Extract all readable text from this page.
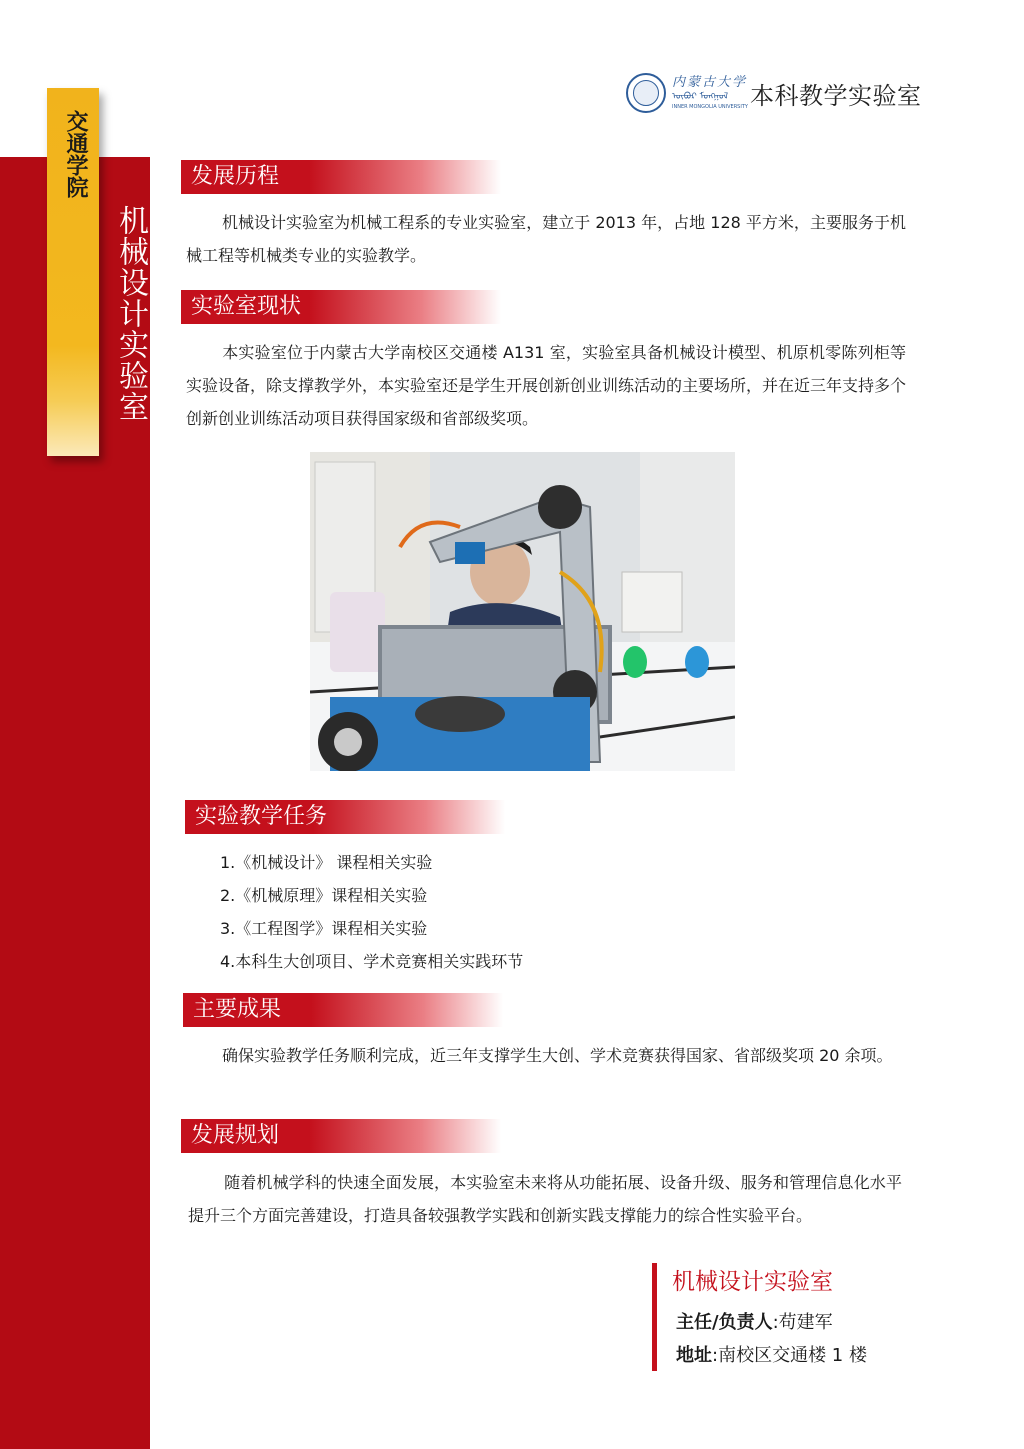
交通学院
机械设计实验室
内蒙古大学
ᠦᠪᠦᠷ ᠮᠣᠩᠭᠣᠯ
INNER MONGOLIA UNIVERSITY 本科教学实验室
发展历程
机械设计实验室为机械工程系的专业实验室，建立于 2013 年，占地 128 平方米，主要服务于机械工程等机械类专业的实验教学。
实验室现状
本实验室位于内蒙古大学南校区交通楼 A131 室，实验室具备机械设计模型、机原机零陈列柜等实验设备，除支撑教学外，本实验室还是学生开展创新创业训练活动的主要场所，并在近三年支持多个创新创业训练活动项目获得国家级和省部级奖项。
实验教学任务
1.《机械设计》 课程相关实验
2.《机械原理》课程相关实验
3.《工程图学》课程相关实验
4.本科生大创项目、学术竞赛相关实践环节
主要成果
确保实验教学任务顺利完成，近三年支撑学生大创、学术竞赛获得国家、省部级奖项 20 余项。
发展规划
随着机械学科的快速全面发展，本实验室未来将从功能拓展、设备升级、服务和管理信息化水平提升三个方面完善建设，打造具备较强教学实践和创新实践支撑能力的综合性实验平台。
机械设计实验室
主任/负责人:苟建军
地址:南校区交通楼 1 楼
